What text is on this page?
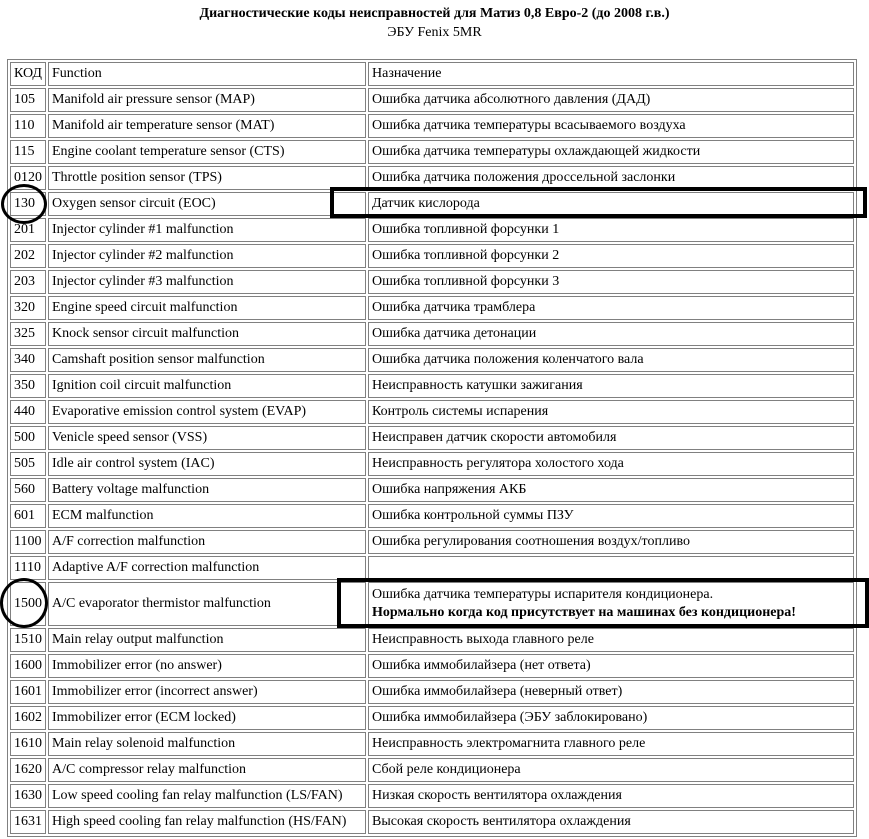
Диагностические коды неисправностей для Матиз 0,8 Евро-2 (до 2008 г.в.)
ЭБУ Fenix 5MR
КОД	Function	Назначение
105	Manifold air pressure sensor (MAP)	Ошибка датчика абсолютного давления (ДАД)
110	Manifold air temperature sensor (MAT)	Ошибка датчика температуры всасываемого воздуха
115	Engine coolant temperature sensor (CTS)	Ошибка датчика температуры охлаждающей жидкости
0120	Throttle position sensor (TPS)	Ошибка датчика положения дроссельной заслонки
130	Oxygen sensor circuit (EOC)	Датчик кислорода
201	Injector cylinder #1 malfunction	Ошибка топливной форсунки 1
202	Injector cylinder #2 malfunction	Ошибка топливной форсунки 2
203	Injector cylinder #3 malfunction	Ошибка топливной форсунки 3
320	Engine speed circuit malfunction	Ошибка датчика трамблера
325	Knock sensor circuit malfunction	Ошибка датчика детонации
340	Camshaft position sensor malfunction	Ошибка датчика положения коленчатого вала
350	Ignition coil circuit malfunction	Неисправность катушки зажигания
440	Evaporative emission control system (EVAP)	Контроль системы испарения
500	Venicle speed sensor (VSS)	Неисправен датчик скорости автомобиля
505	Idle air control system (IAC)	Неисправность регулятора холостого хода
560	Battery voltage malfunction	Ошибка напряжения АКБ
601	ECM malfunction	Ошибка контрольной суммы ПЗУ
1100	A/F correction malfunction	Ошибка регулирования соотношения воздух/топливо
1110	Adaptive A/F correction malfunction	
1500	A/C evaporator thermistor malfunction	Ошибка датчика температуры испарителя кондиционера.
Нормально когда код присутствует на машинах без кондиционера!

1510	Main relay output malfunction	Неисправность выхода главного реле
1600	Immobilizer error (no answer)	Ошибка иммобилайзера (нет ответа)
1601	Immobilizer error (incorrect answer)	Ошибка иммобилайзера (неверный ответ)
1602	Immobilizer error (ECM locked)	Ошибка иммобилайзера (ЭБУ заблокировано)
1610	Main relay solenoid malfunction	Неисправность электромагнита главного реле
1620	A/C compressor relay malfunction	Сбой реле кондиционера
1630	Low speed cooling fan relay malfunction (LS/FAN)	Низкая скорость вентилятора охлаждения
1631	High speed cooling fan relay malfunction (HS/FAN)	Высокая скорость вентилятора охлаждения
